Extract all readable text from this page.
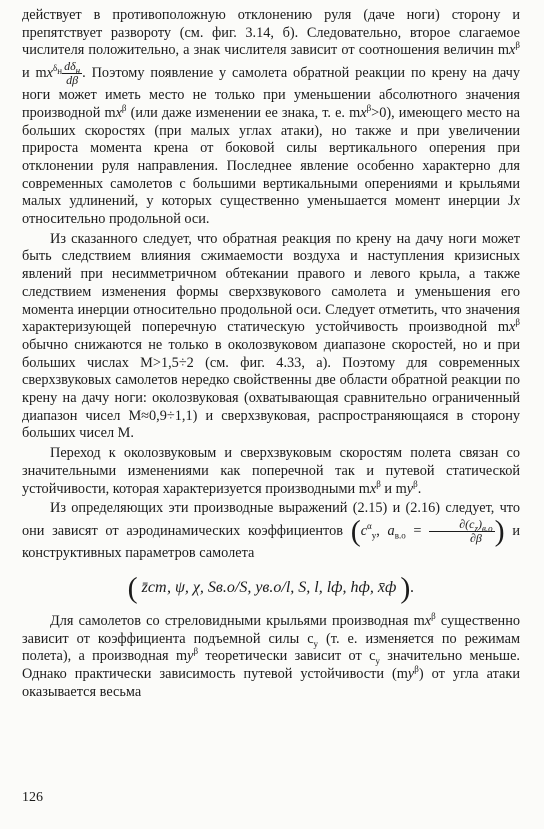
действует в противоположную отклонению руля (даче ноги) сторону и препятствует развороту (см. фиг. 3.14, б). Следовательно, второе слагаемое числителя положительно, а знак числителя зависит от соотношения величин $mx^\beta$ и $mx^{\delta_н} \frac{d\delta_н}{d\beta}$ . Поэтому появление у самолета обратной реакции по крену на дачу ноги может иметь место не только при уменьшении абсолютного значения производной $mx^\beta$ (или даже изменении ее знака, т. е. $mx^\beta>0$), имеющего место на больших скоростях (при малых углах атаки), но также и при увеличении прироста момента крена от боковой силы вертикального оперения при отклонении руля направления. Последнее явление особенно характерно для современных самолетов с большими вертикальными оперениями и крыльями малых удлинений, у которых существенно уменьшается момент инерции Jx относительно продольной оси.

Из сказанного следует, что обратная реакция по крену на дачу ноги может быть следствием влияния сжимаемости воздуха и наступления кризисных явлений при несимметричном обтекании правого и левого крыла, а также следствием изменения формы сверхзвукового самолета и уменьшения его момента инерции относительно продольной оси. Следует отметить, что значения характеризующей поперечную статическую устойчивость производной $mx^\beta$ обычно снижаются не только в околозвуковом диапазоне скоростей, но и при больших числах M>1,5÷2 (см. фиг. 4.33, а). Поэтому для современных сверхзвуковых самолетов нередко свойственны две области обратной реакции по крену на дачу ноги: околозвуковая (охватывающая сравнительно ограниченный диапазон чисел M≈0,9÷1,1) и сверхзвуковая, распространяющаяся в сторону больших чисел M.

Переход к околозвуковым и сверхзвуковым скоростям полета связан со значительными изменениями как поперечной так и путевой статической устойчивости, которая характеризуется производными $mx^\beta$ и $my^\beta$.

Из определяющих эти производные выражений (2.15) и (2.16) следует, что они зависят от аэродинамических коэффициентов ($c^\alpha_y$, $a_{в.о} = \frac{\partial(c_z)_{в.о}}{\partial\beta}$ ) и конструктивных параметров самолета

( z̄ст, ψ, χ, Sв.о/S, yв.о/l, S, l, lф, hф, x̄ф ).

Для самолетов со стреловидными крыльями производная $mx^\beta$ существенно зависит от коэффициента подъемной силы $c_y$ (т. е. изменяется по режимам полета), а производная $my^\beta$ теоретически зависит от $c_y$ значительно меньше. Однако практически зависимость путевой устойчивости $(my^\beta)$ от угла атаки оказывается весьма

126
